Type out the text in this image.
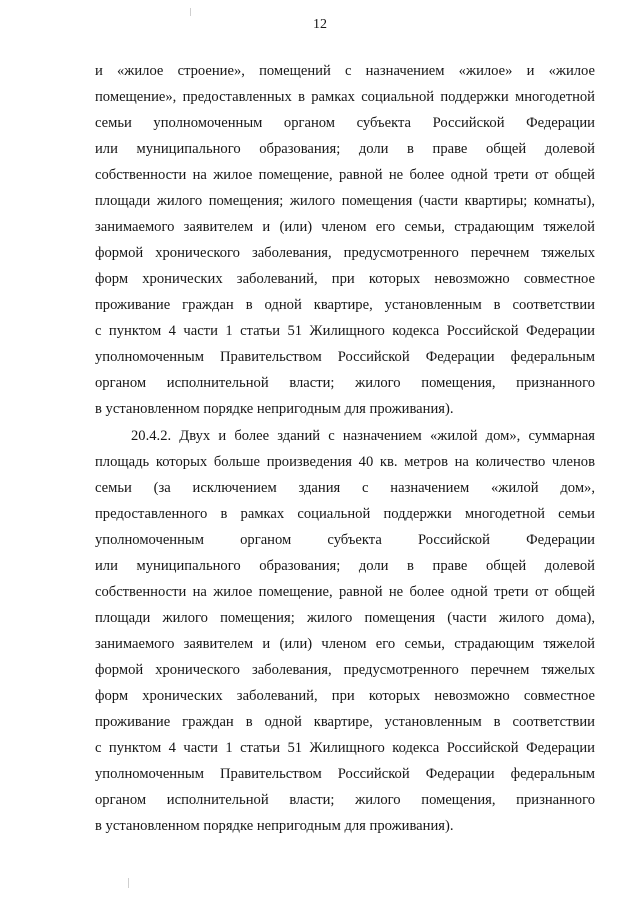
12
и «жилое строение», помещений с назначением «жилое» и «жилое
помещение», предоставленных в рамках социальной поддержки многодетной
семьи уполномоченным органом субъекта Российской Федерации
или муниципального образования; доли в праве общей долевой
собственности на жилое помещение, равной не более одной трети от общей
площади жилого помещения; жилого помещения (части квартиры; комнаты),
занимаемого заявителем и (или) членом его семьи, страдающим тяжелой
формой хронического заболевания, предусмотренного перечнем тяжелых
форм хронических заболеваний, при которых невозможно совместное
проживание граждан в одной квартире, установленным в соответствии
с пунктом 4 части 1 статьи 51 Жилищного кодекса Российской Федерации
уполномоченным Правительством Российской Федерации федеральным
органом исполнительной власти; жилого помещения, признанного
в установленном порядке непригодным для проживания).
20.4.2. Двух и более зданий с назначением «жилой дом», суммарная
площадь которых больше произведения 40 кв. метров на количество членов
семьи (за исключением здания с назначением «жилой дом»,
предоставленного в рамках социальной поддержки многодетной семьи
уполномоченным органом субъекта Российской Федерации
или муниципального образования; доли в праве общей долевой
собственности на жилое помещение, равной не более одной трети от общей
площади жилого помещения; жилого помещения (части жилого дома),
занимаемого заявителем и (или) членом его семьи, страдающим тяжелой
формой хронического заболевания, предусмотренного перечнем тяжелых
форм хронических заболеваний, при которых невозможно совместное
проживание граждан в одной квартире, установленным в соответствии
с пунктом 4 части 1 статьи 51 Жилищного кодекса Российской Федерации
уполномоченным Правительством Российской Федерации федеральным
органом исполнительной власти; жилого помещения, признанного
в установленном порядке непригодным для проживания).
